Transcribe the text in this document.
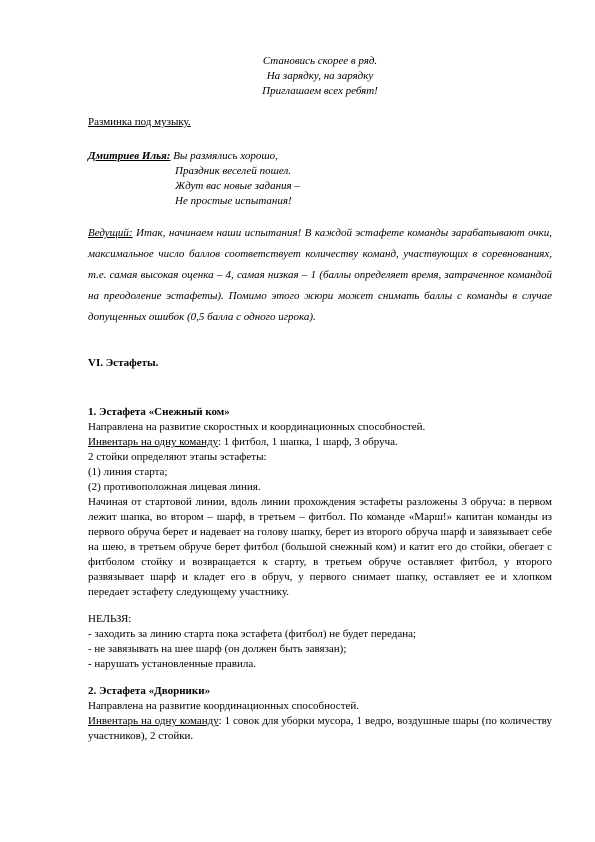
Становись скорее в ряд.
На зарядку, на зарядку
Приглашаем всех ребят!
Разминка под музыку.
Дмитриев Илья: Вы размялись хорошо,
Праздник веселей пошел.
Ждут вас новые задания –
Не простые испытания!
Ведущий: Итак, начинаем наши испытания! В каждой эстафете команды зарабатывают очки, максимальное число баллов соответствует количеству команд, участвующих в соревнованиях, т.е. самая высокая оценка – 4, самая низкая – 1 (баллы определяет время, затраченное командой на преодоление эстафеты). Помимо этого жюри может снимать баллы с команды в случае допущенных ошибок (0,5 балла с одного игрока).
VI. Эстафеты.

1. Эстафета «Снежный ком»

Направлена на развитие скоростных и координационных способностей.

Инвентарь на одну команду: 1 фитбол, 1 шапка, 1 шарф, 3 обруча.

2 стойки определяют этапы эстафеты:

(1) линия старта;

(2) противоположная лицевая линия.

Начиная от стартовой линии, вдоль линии прохождения эстафеты разложены 3 обруча: в первом лежит шапка, во втором – шарф, в третьем – фитбол. По команде «Марш!» капитан команды из первого обруча берет и надевает на голову шапку, берет из второго обруча шарф и завязывает себе на шею, в третьем обруче берет фитбол (большой снежный ком) и катит его до стойки, обегает с фитболом стойку и возвращается к старту, в третьем обруче оставляет фитбол, у второго развязывает шарф и кладет его в обруч, у первого снимает шапку, оставляет ее и хлопком передает эстафету следующему участнику.

НЕЛЬЗЯ:

- заходить за линию старта пока эстафета (фитбол) не будет передана;

- не завязывать на шее шарф (он должен быть завязан);

- нарушать установленные правила.

2. Эстафета «Дворники»

Направлена на развитие координационных способностей.

Инвентарь на одну команду: 1 совок для уборки мусора, 1 ведро, воздушные шары (по количеству участников), 2 стойки.
